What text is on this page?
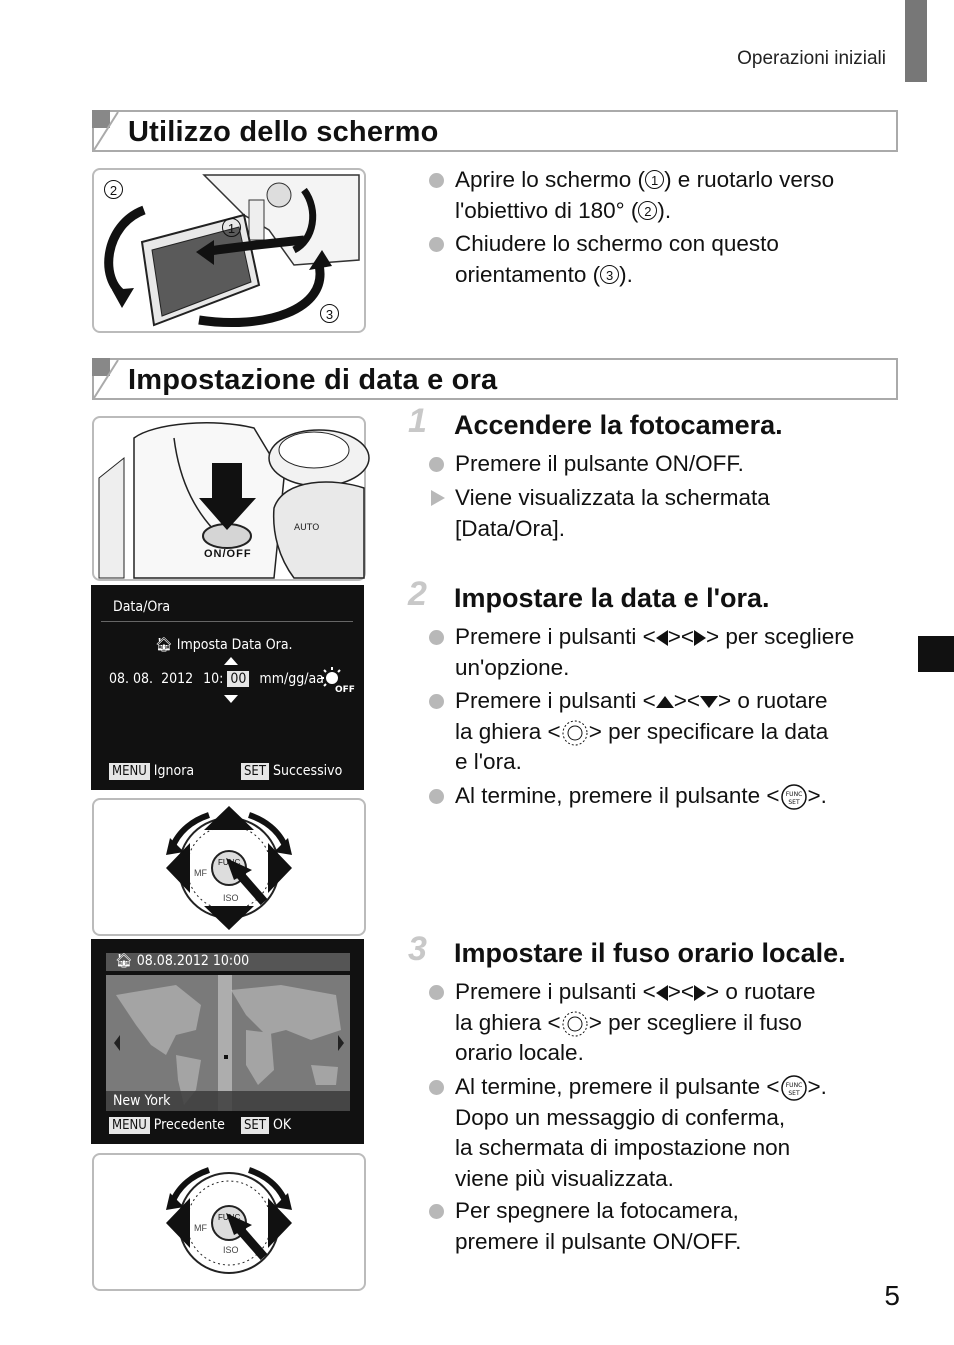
Operazioni iniziali
Utilizzo dello schermo
2
1
3
Aprire lo schermo ( 1 ) e ruotarlo verso
l'obiettivo di 180° ( 2 ).
Chiudere lo schermo con questo
orientamento ( 3 ).
Impostazione di data e ora
AUTO
ON/OFF
Data/Ora
🏠︎ Imposta Data Ora.
08. 08. 2012 10: 00 mm/gg/aa
OFF
MENU Ignora	SET Successivo
FUNC
ISO
MF
🏠︎ 08.08.2012 10:00
New York
MENU Precedente SET OK
FUNC
ISO
MF
1 Accendere la fotocamera.
Premere il pulsante ON/OFF.
Viene visualizzata la schermata
[Data/Ora].
2 Impostare la data e l'ora.
Premere i pulsanti < >< > per scegliere
un'opzione.
Premere i pulsanti < >< > o ruotare
la ghiera < > per specificare la data
e l'ora.
Al termine, premere il pulsante < FUNC
SET >.
3 Impostare il fuso orario locale.
Premere i pulsanti < >< > o ruotare
la ghiera < > per scegliere il fuso
orario locale.
Al termine, premere il pulsante < FUNC
SET >.
Dopo un messaggio di conferma,
la schermata di impostazione non
viene più visualizzata.
Per spegnere la fotocamera,
premere il pulsante ON/OFF.
5
